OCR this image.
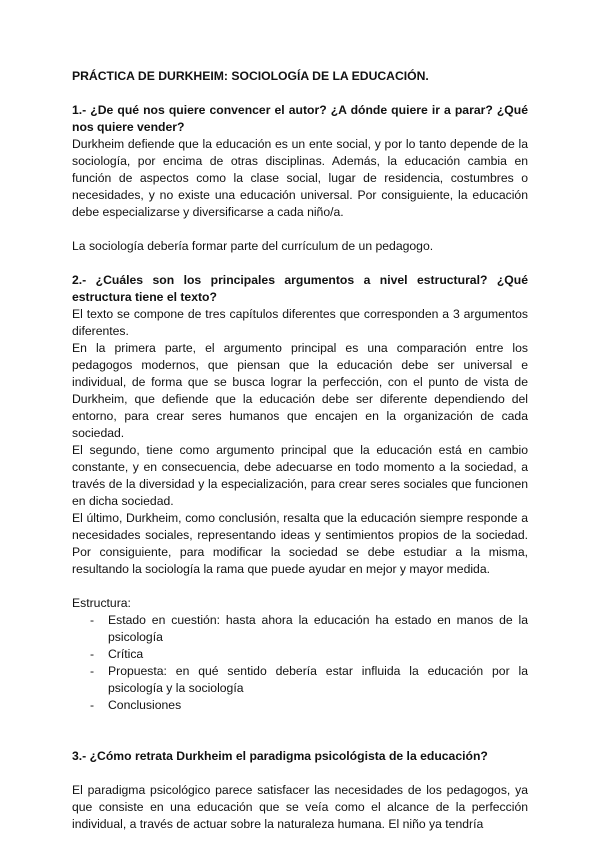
PRÁCTICA DE DURKHEIM: SOCIOLOGÍA DE LA EDUCACIÓN.

1.- ¿De qué nos quiere convencer el autor? ¿A dónde quiere ir a parar? ¿Qué nos quiere vender?

Durkheim defiende que la educación es un ente social, y por lo tanto depende de la sociología, por encima de otras disciplinas. Además, la educación cambia en función de aspectos como la clase social, lugar de residencia, costumbres o necesidades, y no existe una educación universal. Por consiguiente, la educación debe especializarse y diversificarse a cada niño/a.

La sociología debería formar parte del currículum de un pedagogo.

2.- ¿Cuáles son los principales argumentos a nivel estructural? ¿Qué estructura tiene el texto?

El texto se compone de tres capítulos diferentes que corresponden a 3 argumentos diferentes.

En la primera parte, el argumento principal es una comparación entre los pedagogos modernos, que piensan que la educación debe ser universal e individual, de forma que se busca lograr la perfección, con el punto de vista de Durkheim, que defiende que la educación debe ser diferente dependiendo del entorno, para crear seres humanos que encajen en la organización de cada sociedad.

El segundo, tiene como argumento principal que la educación está en cambio constante, y en consecuencia, debe adecuarse en todo momento a la sociedad, a través de la diversidad y la especialización, para crear seres sociales que funcionen en dicha sociedad.

El último, Durkheim, como conclusión, resalta que la educación siempre responde a necesidades sociales, representando ideas y sentimientos propios de la sociedad. Por consiguiente, para modificar la sociedad se debe estudiar a la misma, resultando la sociología la rama que puede ayudar en mejor y mayor medida.

Estructura:

- Estado en cuestión: hasta ahora la educación ha estado en manos de la psicología
- Crítica
- Propuesta: en qué sentido debería estar influida la educación por la psicología y la sociología
- Conclusiones

3.- ¿Cómo retrata Durkheim el paradigma psicológista de la educación?

El paradigma psicológico parece satisfacer las necesidades de los pedagogos, ya que consiste en una educación que se veía como el alcance de la perfección individual, a través de actuar sobre la naturaleza humana. El niño ya tendría
